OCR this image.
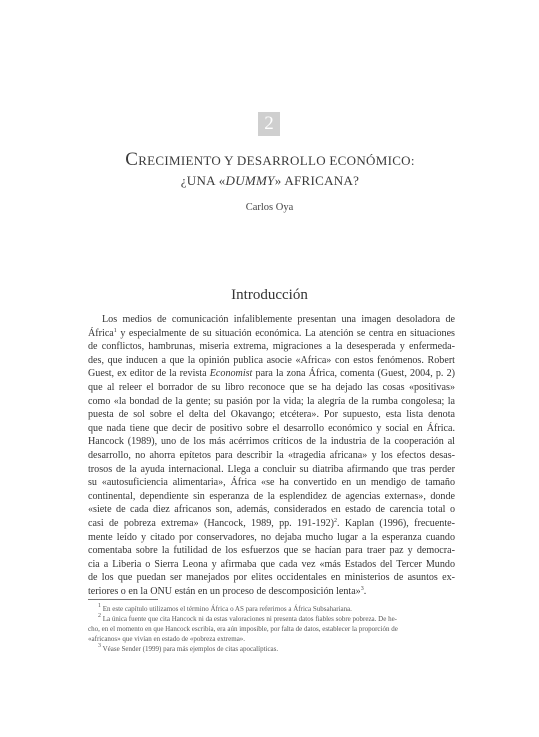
2
CRECIMIENTO Y DESARROLLO ECONÓMICO:
¿UNA «DUMMY» AFRICANA?
Carlos Oya
Introducción
Los medios de comunicación infaliblemente presentan una imagen desoladora de
África$^1$ y especialmente de su situación económica. La atención se centra en situaciones
de conflictos, hambrunas, miseria extrema, migraciones a la desesperada y enfermeda-
des, que inducen a que la opinión publica asocie «Africa» con estos fenómenos. Robert
Guest, ex editor de la revista Economist para la zona África, comenta (Guest, 2004, p. 2)
que al releer el borrador de su libro reconoce que se ha dejado las cosas «positivas»
como «la bondad de la gente; su pasión por la vida; la alegría de la rumba congolesa; la
puesta de sol sobre el delta del Okavango; etcétera». Por supuesto, esta lista denota
que nada tiene que decir de positivo sobre el desarrollo económico y social en África.
Hancock (1989), uno de los más acérrimos críticos de la industria de la cooperación al
desarrollo, no ahorra epítetos para describir la «tragedia africana» y los efectos desas-
trosos de la ayuda internacional. Llega a concluir su diatriba afirmando que tras perder
su «autosuficiencia alimentaria», África «se ha convertido en un mendigo de tamaño
continental, dependiente sin esperanza de la esplendidez de agencias externas», donde
«siete de cada diez africanos son, además, considerados en estado de carencia total o
casi de pobreza extrema» (Hancock, 1989, pp. 191-192)$^2$. Kaplan (1996), frecuente-
mente leído y citado por conservadores, no dejaba mucho lugar a la esperanza cuando
comentaba sobre la futilidad de los esfuerzos que se hacían para traer paz y democra-
cia a Liberia o Sierra Leona y afirmaba que cada vez «más Estados del Tercer Mundo
de los que puedan ser manejados por elites occidentales en ministerios de asuntos ex-
teriores o en la ONU están en un proceso de descomposición lenta»$^3$.
$^1$ En este capítulo utilizamos el término África o AS para referirnos a África Subsahariana.
$^2$ La única fuente que cita Hancock ni da estas valoraciones ni presenta datos fiables sobre pobreza. De he-
cho, en el momento en que Hancock escribía, era aún imposible, por falta de datos, establecer la proporción de
«africanos» que vivían en estado de «pobreza extrema».
$^3$ Véase Sender (1999) para más ejemplos de citas apocalípticas.
